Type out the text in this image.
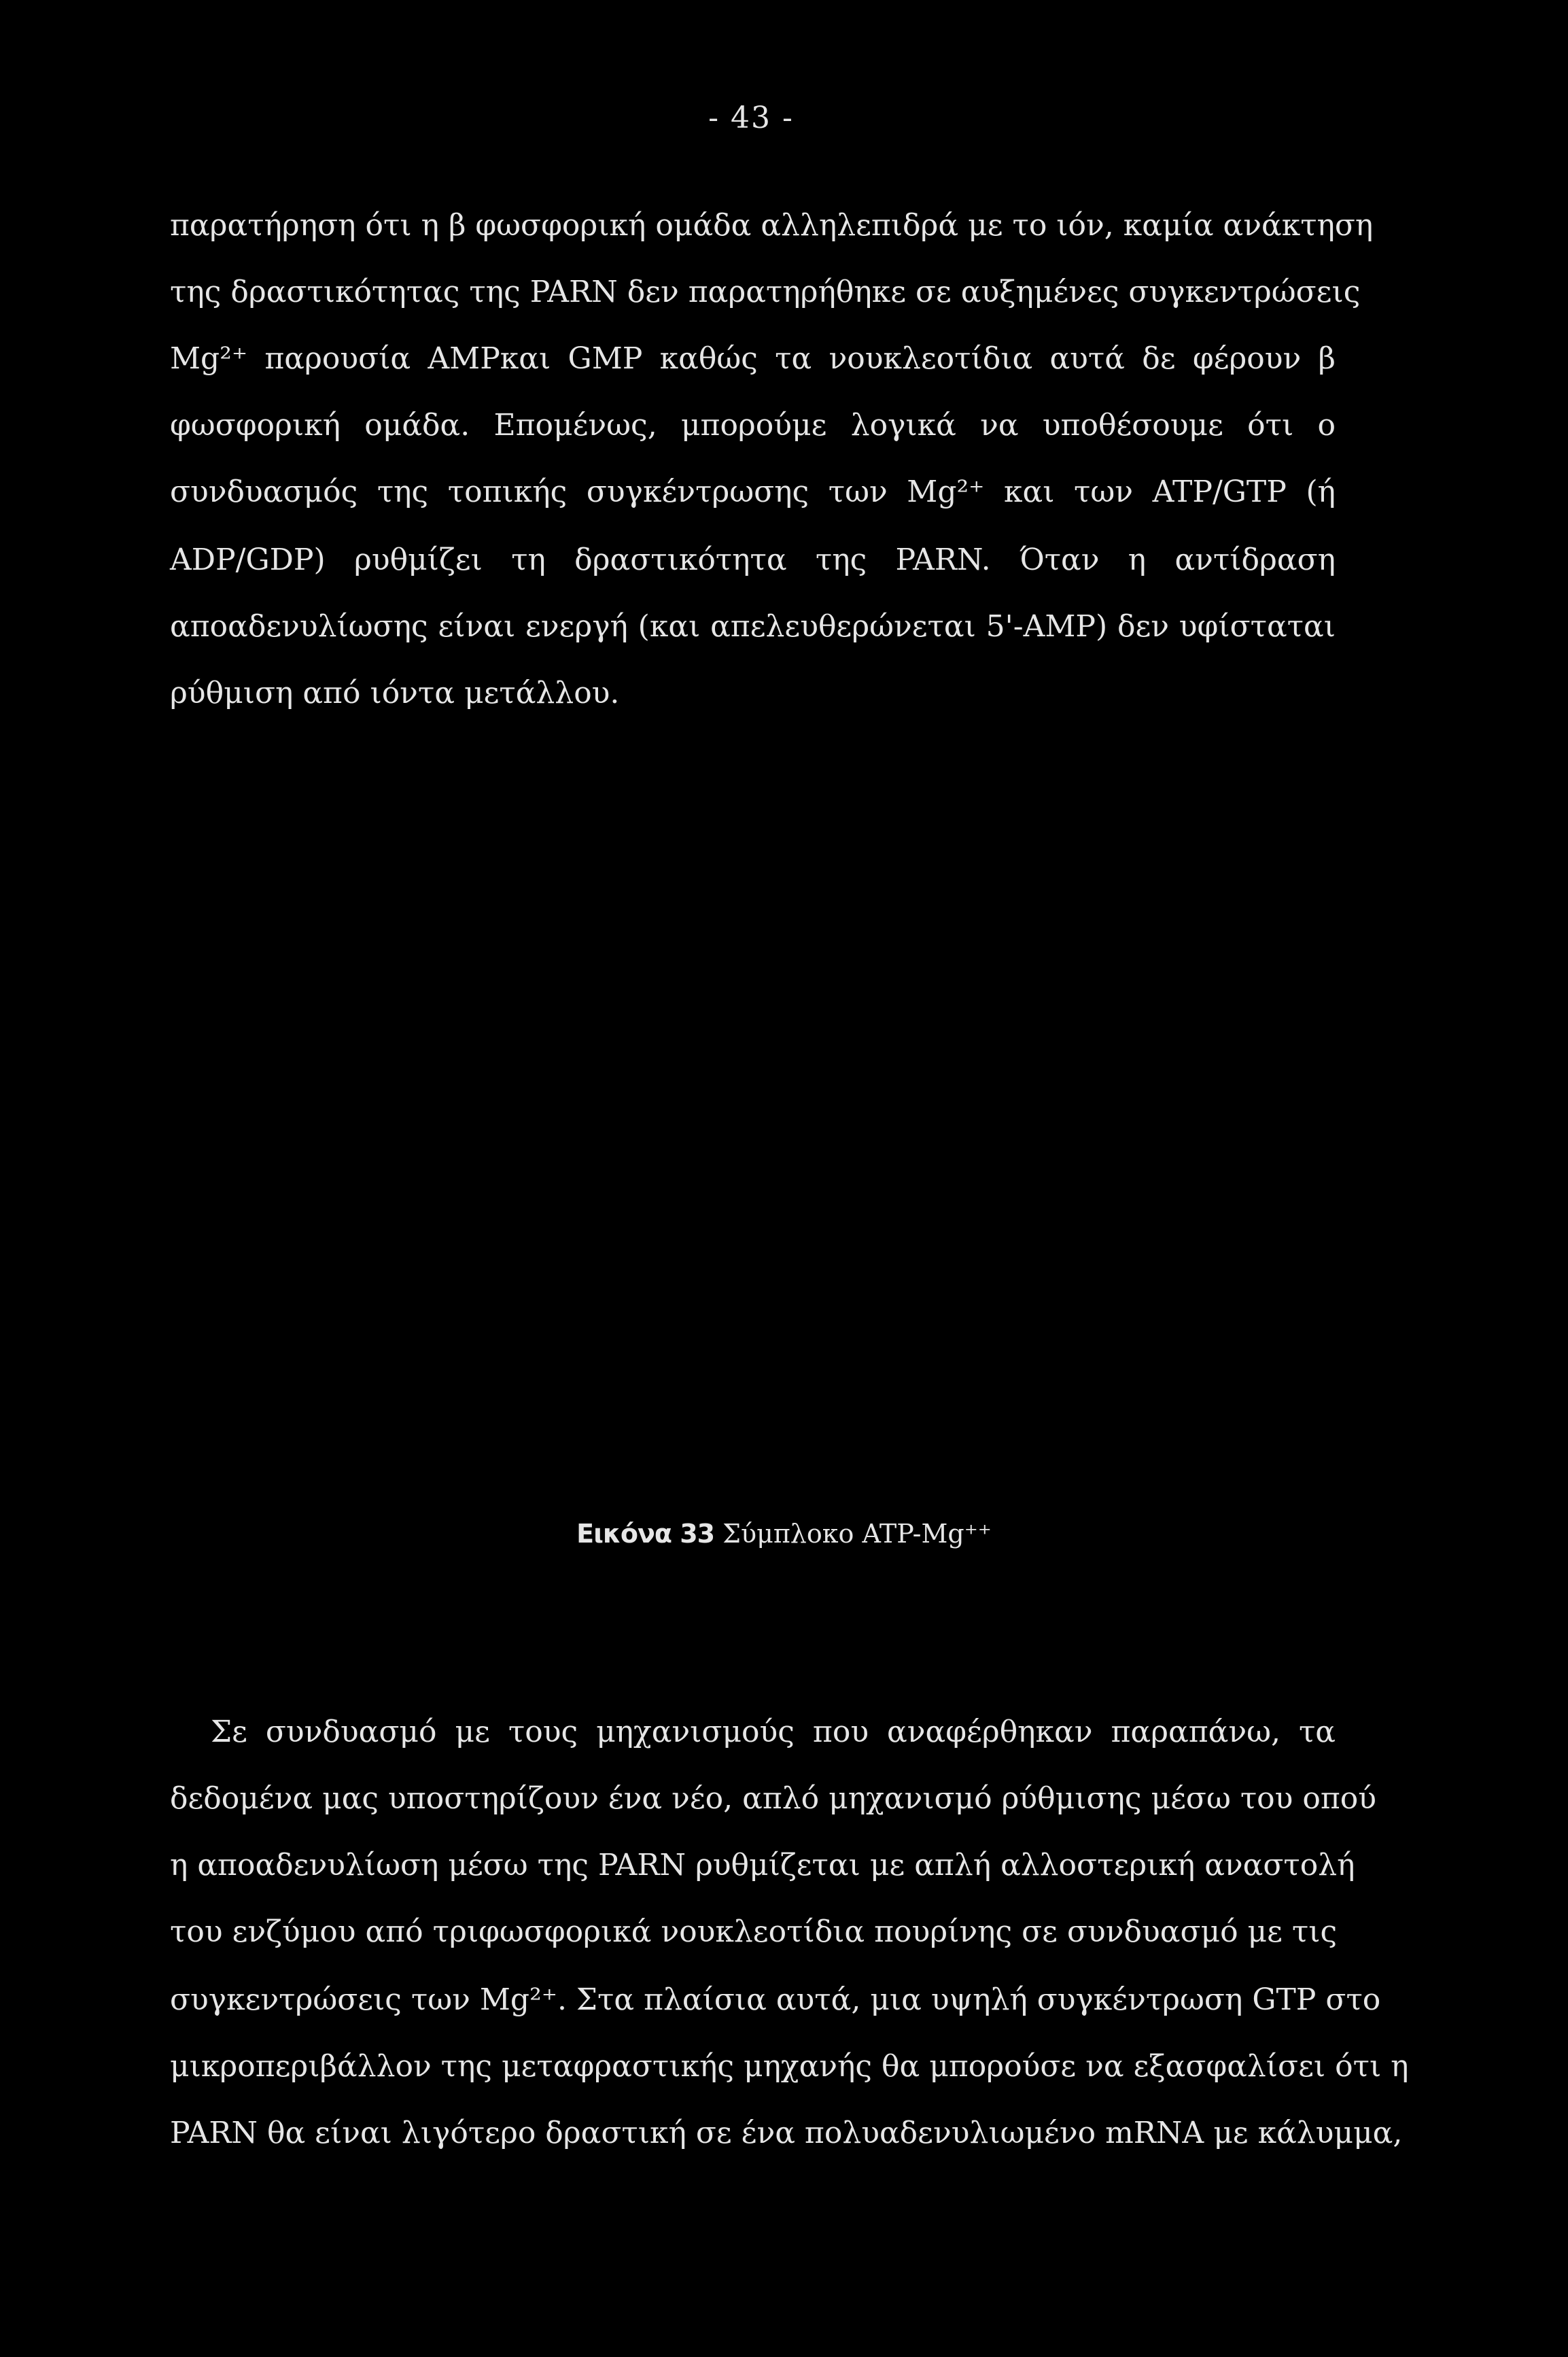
- 43 -
παρατήρηση ότι η β φωσφορική ομάδα αλληλεπιδρά με το ιόν, καμία ανάκτηση
της δραστικότητας της PARN δεν παρατηρήθηκε σε αυξημένες συγκεντρώσεις
Mg²⁺ παρουσία AMPκαι GMP καθώς τα νουκλεοτίδια αυτά δε φέρουν β
φωσφορική ομάδα. Επομένως, μπορούμε λογικά να υποθέσουμε ότι ο
συνδυασμός της τοπικής συγκέντρωσης των Mg²⁺ και των ATP/GTP (ή
ADP/GDP) ρυθμίζει τη δραστικότητα της PARN. Όταν η αντίδραση
αποαδενυλίωσης είναι ενεργή (και απελευθερώνεται 5'-AMP) δεν υφίσταται
ρύθμιση από ιόντα μετάλλου.
Εικόνα 33 Σύμπλοκο ATP-Mg⁺⁺
Σε συνδυασμό με τους μηχανισμούς που αναφέρθηκαν παραπάνω, τα
δεδομένα μας υποστηρίζουν ένα νέο, απλό μηχανισμό ρύθμισης μέσω του οπού
η αποαδενυλίωση μέσω της PARN ρυθμίζεται με απλή αλλοστερική αναστολή
του ενζύμου από τριφωσφορικά νουκλεοτίδια πουρίνης σε συνδυασμό με τις
συγκεντρώσεις των Mg²⁺. Στα πλαίσια αυτά, μια υψηλή συγκέντρωση GTP στο
μικροπεριβάλλον της μεταφραστικής μηχανής θα μπορούσε να εξασφαλίσει ότι η
PARN θα είναι λιγότερο δραστική σε ένα πολυαδενυλιωμένο mRNA με κάλυμμα,
